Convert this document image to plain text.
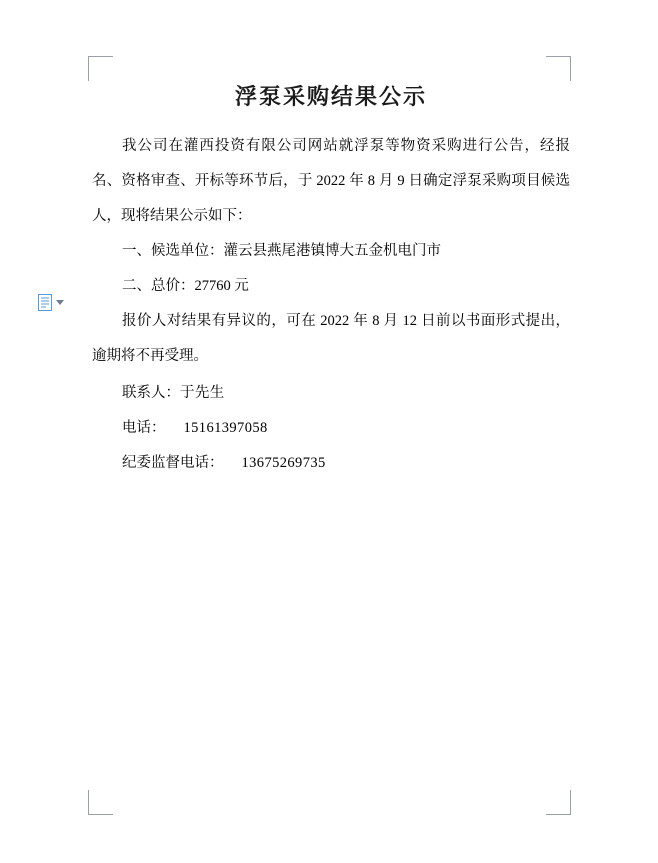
浮泵采购结果公示

我公司在灌西投资有限公司网站就浮泵等物资采购进行公告，经报名、资格审查、开标等环节后，于 2022 年 8 月 9 日确定浮泵采购项目候选人，现将结果公示如下：

一、候选单位：灌云县燕尾港镇博大五金机电门市

二、总价：27760 元

报价人对结果有异议的，可在 2022 年 8 月 12 日前以书面形式提出，逾期将不再受理。

联系人：于先生

电话： 15161397058

纪委监督电话： 13675269735
